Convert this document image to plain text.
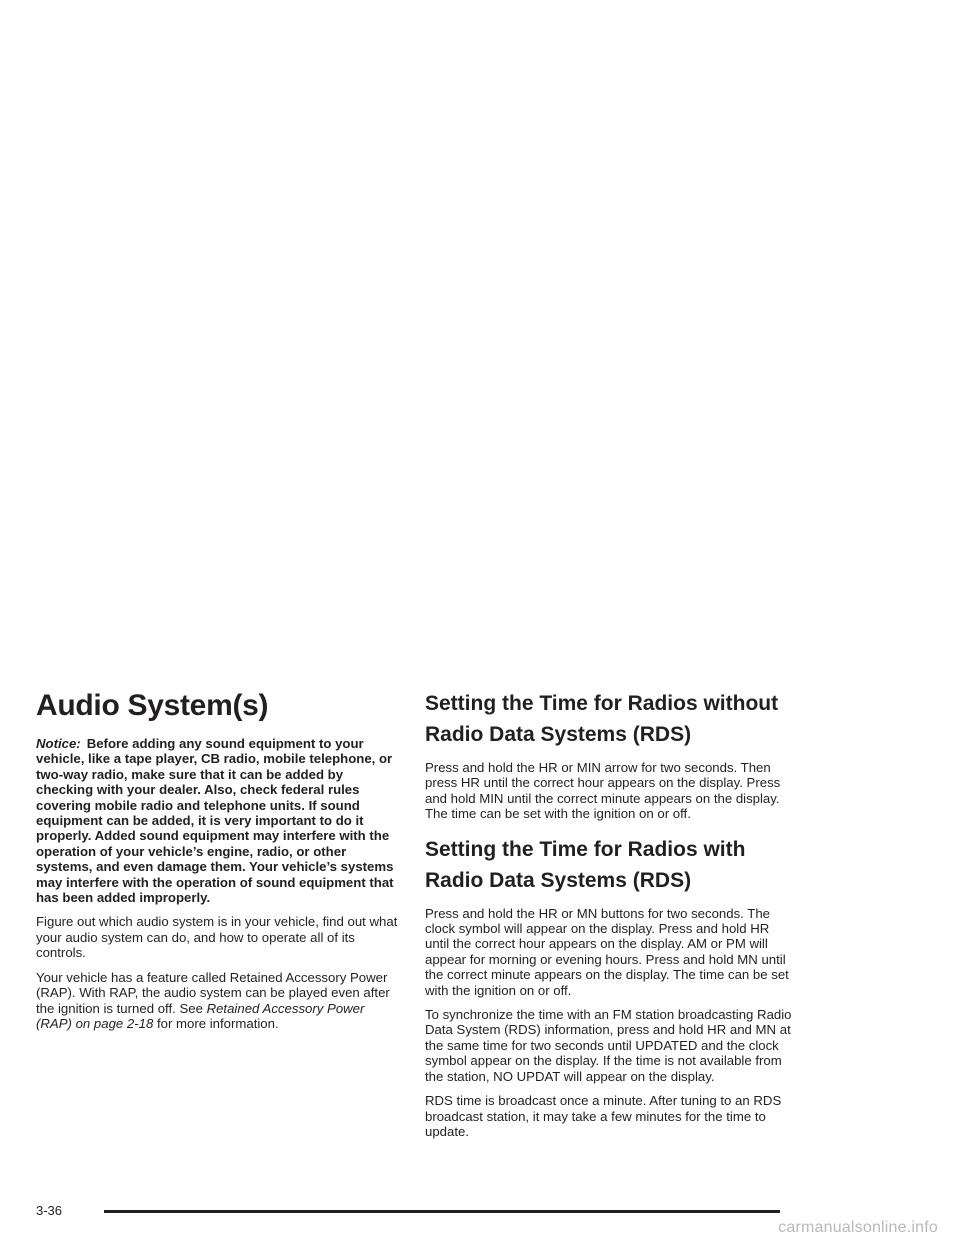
Audio System(s)

Notice: Before adding any sound equipment to your vehicle, like a tape player, CB radio, mobile telephone, or two-way radio, make sure that it can be added by checking with your dealer. Also, check federal rules covering mobile radio and telephone units. If sound equipment can be added, it is very important to do it properly. Added sound equipment may interfere with the operation of your vehicle’s engine, radio, or other systems, and even damage them. Your vehicle’s systems may interfere with the operation of sound equipment that has been added improperly.

Figure out which audio system is in your vehicle, find out what your audio system can do, and how to operate all of its controls.

Your vehicle has a feature called Retained Accessory Power (RAP). With RAP, the audio system can be played even after the ignition is turned off. See Retained Accessory Power (RAP) on page 2-18 for more information.

Setting the Time for Radios without
Radio Data Systems (RDS)

Press and hold the HR or MIN arrow for two seconds. Then press HR until the correct hour appears on the display. Press and hold MIN until the correct minute appears on the display. The time can be set with the ignition on or off.

Setting the Time for Radios with
Radio Data Systems (RDS)

Press and hold the HR or MN buttons for two seconds. The clock symbol will appear on the display. Press and hold HR until the correct hour appears on the display. AM or PM will appear for morning or evening hours. Press and hold MN until the correct minute appears on the display. The time can be set with the ignition on or off.

To synchronize the time with an FM station broadcasting Radio Data System (RDS) information, press and hold HR and MN at the same time for two seconds until UPDATED and the clock symbol appear on the display. If the time is not available from the station, NO UPDAT will appear on the display.

RDS time is broadcast once a minute. After tuning to an RDS broadcast station, it may take a few minutes for the time to update.

3-36
carmanualsonline.info
